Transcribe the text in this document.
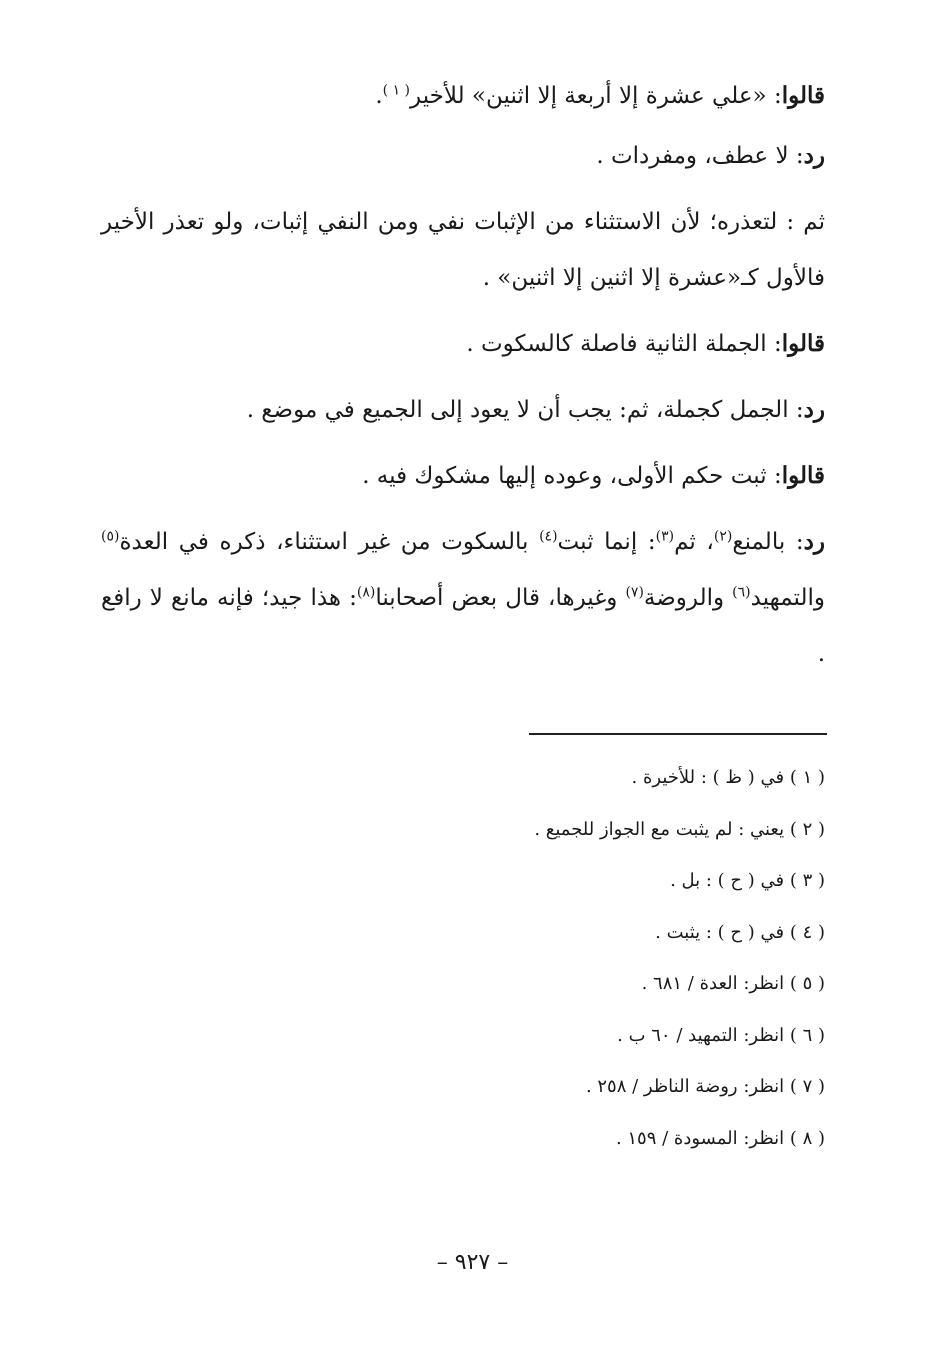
قالوا: «علي عشرة إلا أربعة إلا اثنين» للأخير$^{( ١ )}$.

رد: لا عطف، ومفردات .

ثم : لتعذره؛ لأن الاستثناء من الإثبات نفي ومن النفي إثبات، ولو تعذر الأخير فالأول كـ«عشرة إلا اثنين إلا اثنين» .

قالوا: الجملة الثانية فاصلة كالسكوت .

رد: الجمل كجملة، ثم: يجب أن لا يعود إلى الجميع في موضع .

قالوا: ثبت حكم الأولى، وعوده إليها مشكوك فيه .

رد: بالمنع$^{(٢)}$، ثم$^{(٣)}$: إنما ثبت$^{(٤)}$ بالسكوت من غير استثناء، ذكره في العدة$^{(٥)}$ والتمهيد$^{(٦)}$ والروضة$^{(٧)}$ وغيرها، قال بعض أصحابنا$^{(٨)}$: هذا جيد؛ فإنه مانع لا رافع .

( ١ ) في ( ظ ) : للأخيرة .
( ٢ ) يعني : لم يثبت مع الجواز للجميع .
( ٣ ) في ( ح ) : بل .
( ٤ ) في ( ح ) : يثبت .
( ٥ ) انظر: العدة / ٦٨١ .
( ٦ ) انظر: التمهيد / ٦٠ ب .
( ٧ ) انظر: روضة الناظر / ٢٥٨ .
( ٨ ) انظر: المسودة / ١٥٩ .
– ٩٢٧ –
